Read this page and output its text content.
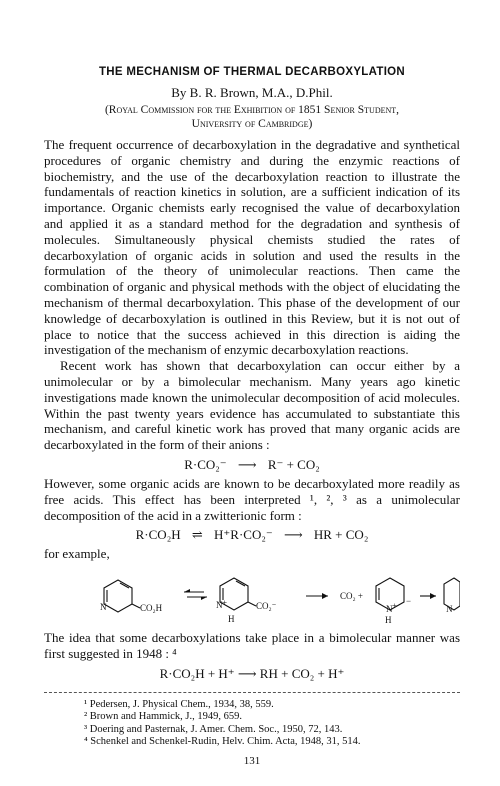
THE MECHANISM OF THERMAL DECARBOXYLATION
By B. R. Brown, M.A., D.Phil.
(Royal Commission for the Exhibition of 1851 Senior Student,
University of Cambridge)

The frequent occurrence of decarboxylation in the degradative and synthetical procedures of organic chemistry and during the enzymic reactions of biochemistry, and the use of the decarboxylation reaction to illustrate the fundamentals of reaction kinetics in solution, are a sufficient indication of its importance. Organic chemists early recognised the value of decarboxylation and applied it as a standard method for the degradation and synthesis of molecules. Simultaneously physical chemists studied the rates of decarboxylation of organic acids in solution and used the results in the formulation of the theory of unimolecular reactions. Then came the combination of organic and physical methods with the object of elucidating the mechanism of thermal decarboxylation. This phase of the development of our knowledge of decarboxylation is outlined in this Review, but it is not out of place to notice that the success achieved in this direction is aiding the investigation of the mechanism of enzymic decarboxylation reactions.

Recent work has shown that decarboxylation can occur either by a unimolecular or by a bimolecular mechanism. Many years ago kinetic investigations made known the unimolecular decomposition of acid molecules. Within the past twenty years evidence has accumulated to substantiate this mechanism, and careful kinetic work has proved that many organic acids are decarboxylated in the form of their anions :

R·CO₂⁻ ⟶ R⁻ + CO₂

However, some organic acids are known to be decarboxylated more readily as free acids. This effect has been interpreted ¹, ², ³ as a unimolecular decomposition of the acid in a zwitterionic form :

R·CO₂H ⇌ H⁺R·CO₂⁻ ⟶ HR + CO₂

for example,

N	CO₂H	N +
H
CO₂⁻
CO₂ +
N +
H
−
N

The idea that some decarboxylations take place in a bimolecular manner was first suggested in 1948 : ⁴

R·CO₂H + H⁺ ⟶ RH + CO₂ + H⁺
¹ Pedersen, J. Physical Chem., 1934, 38, 559.
² Brown and Hammick, J., 1949, 659.
³ Doering and Pasternak, J. Amer. Chem. Soc., 1950, 72, 143.
⁴ Schenkel and Schenkel-Rudin, Helv. Chim. Acta, 1948, 31, 514.
131
